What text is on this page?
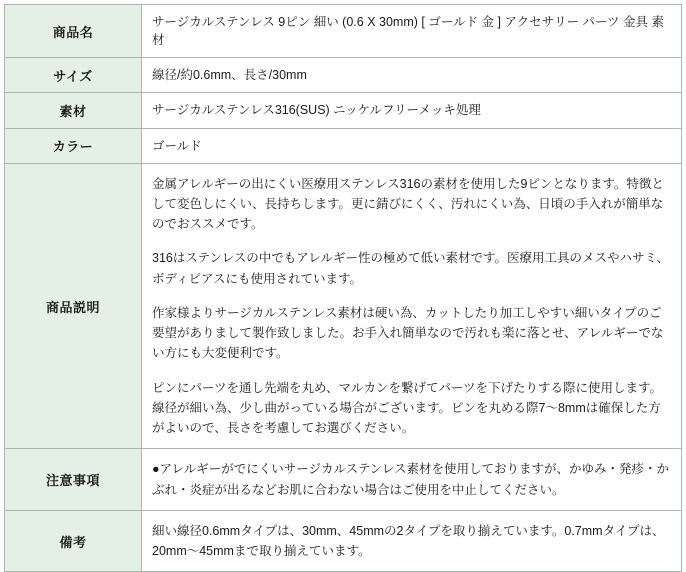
商品名	サージカルステンレス 9ピン 細い (0.6 X 30mm) [ ゴールド 金 ] アクセサリー パーツ 金具 素材
サイズ	線径/約0.6mm、長さ/30mm
素材	サージカルステンレス316(SUS) ニッケルフリーメッキ処理
カラー	ゴールド
商品説明	金属アレルギーの出にくい医療用ステンレス316の素材を使用した9ピンとなります。特徴として変色しにくい、長持ちします。更に錆びにくく、汚れにくい為、日頃の手入れが簡単なのでおススメです。

316はステンレスの中でもアレルギー性の極めて低い素材です。医療用工具のメスやハサミ、ボディピアスにも使用されています。

作家様よりサージカルステンレス素材は硬い為、カットしたり加工しやすい細いタイプのご要望がありまして製作致しました。お手入れ簡単なので汚れも楽に落とせ、アレルギーでない方にも大変便利です。

ピンにパーツを通し先端を丸め、マルカンを繋げてパーツを下げたりする際に使用します。線径が細い為、少し曲がっている場合がございます。ピンを丸める際7〜8mmは確保した方がよいので、長さを考慮してお選びください。

注意事項	●アレルギーがでにくいサージカルステンレス素材を使用しておりますが、かゆみ・発疹・かぶれ・炎症が出るなどお肌に合わない場合はご使用を中止してください。

備考	細い線径0.6mmタイプは、30mm、45mmの2タイプを取り揃えています。0.7mmタイプは、20mm〜45mmまで取り揃えています。
